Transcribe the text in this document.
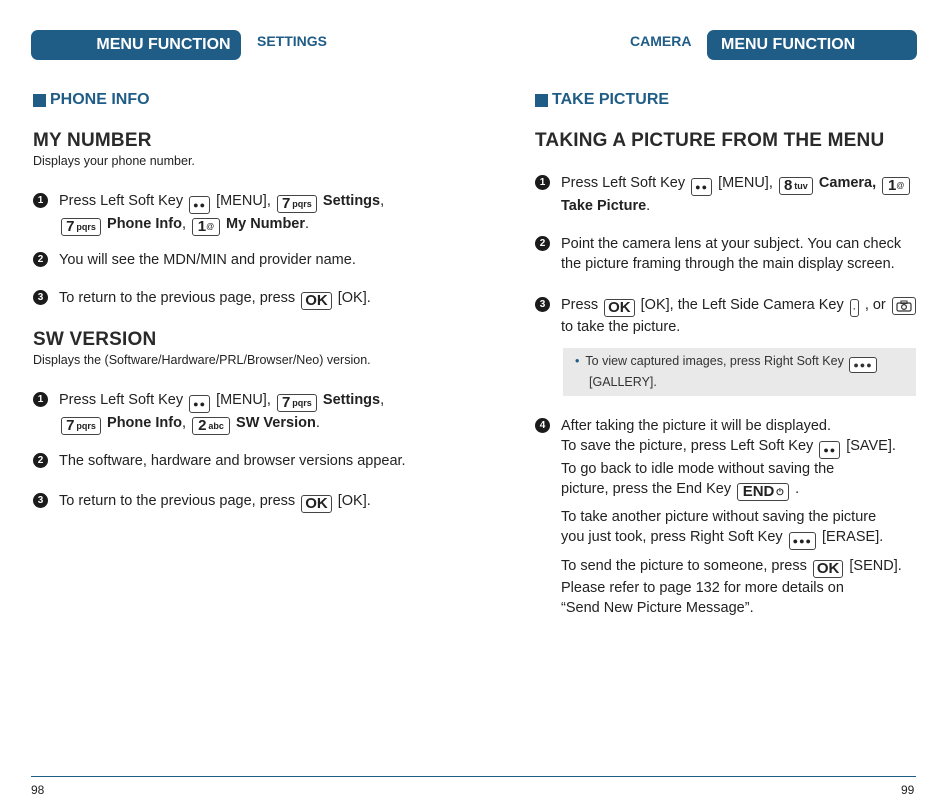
MENU FUNCTION SETTINGS
PHONE INFO
MY NUMBER
Displays your phone number.
1	Press Left Soft Key ●● [MENU], 7 pqrs Settings,

7 pqrs Phone Info, 1 @ My Number.
2	You will see the MDN/MIN and provider name.
3	To return to the previous page, press OK [OK].
SW VERSION
Displays the (Software/Hardware/PRL/Browser/Neo) version.
1	Press Left Soft Key ●● [MENU], 7 pqrs Settings,

7 pqrs Phone Info, 2 abc SW Version.
2	The software, hardware and browser versions appear.
3	To return to the previous page, press OK [OK].
98
CAMERA MENU FUNCTION
TAKE PICTURE
TAKING A PICTURE FROM THE MENU
1	Press Left Soft Key ●● [MENU], 8 tuv Camera, 1 @

Take Picture.
2	Point the camera lens at your subject. You can check
the picture framing through the main display screen.
3	Press OK [OK], the Left Side Camera Key · , or

to take the picture.
• To view captured images, press Right Soft Key ●●●
[GALLERY].
4	After taking the picture it will be displayed.
To save the picture, press Left Soft Key ●● [SAVE].
To go back to idle mode without saving the
picture, press the End Key END ⏻ .
To take another picture without saving the picture
you just took, press Right Soft Key ●●● [ERASE].
To send the picture to someone, press OK [SEND].
Please refer to page 132 for more details on
“Send New Picture Message”.
99
